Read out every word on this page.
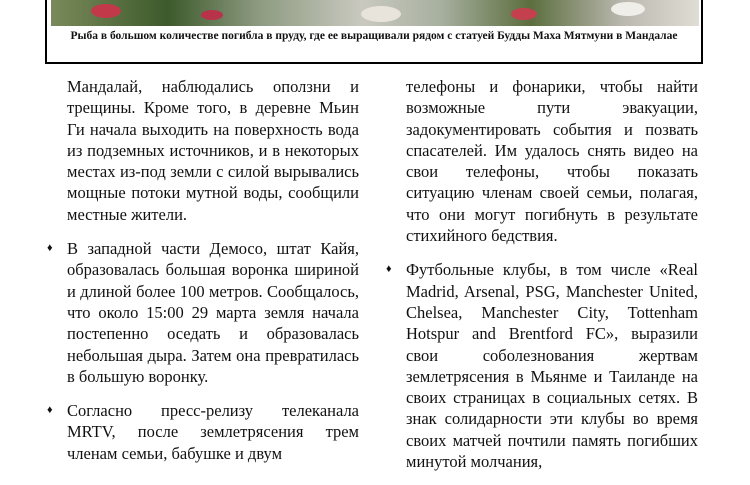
Рыба в большом количестве погибла в пруду, где ее выращивали рядом с статуей Будды Маха Мятмуни в Мандалае

Мандалай, наблюдались оползни и трещины. Кроме того, в деревне Мьин Ги начала выходить на поверхность вода из подземных источников, и в некоторых местах из-под земли с силой вырывались мощные потоки мутной воды, сообщили местные жители.

♦ В западной части Демосо, штат Кайя, образовалась большая воронка шириной и длиной более 100 метров. Сообщалось, что около 15:00 29 марта земля начала постепенно оседать и образовалась небольшая дыра. Затем она превратилась в большую воронку.

♦ Согласно пресс-релизу телеканала MRTV, после землетрясения трем членам семьи, бабушке и двум

телефоны и фонарики, чтобы найти возможные пути эвакуации, задокументировать события и позвать спасателей. Им удалось снять видео на свои телефоны, чтобы показать ситуацию членам своей семьи, полагая, что они могут погибнуть в результате стихийного бедствия.

♦ Футбольные клубы, в том числе «Real Madrid, Arsenal, PSG, Manchester United, Chelsea, Manchester City, Tottenham Hotspur and Brentford FC», выразили свои соболезнования жертвам землетрясения в Мьянме и Таиланде на своих страницах в социальных сетях. В знак солидарности эти клубы во время своих матчей почтили память погибших минутой молчания,
